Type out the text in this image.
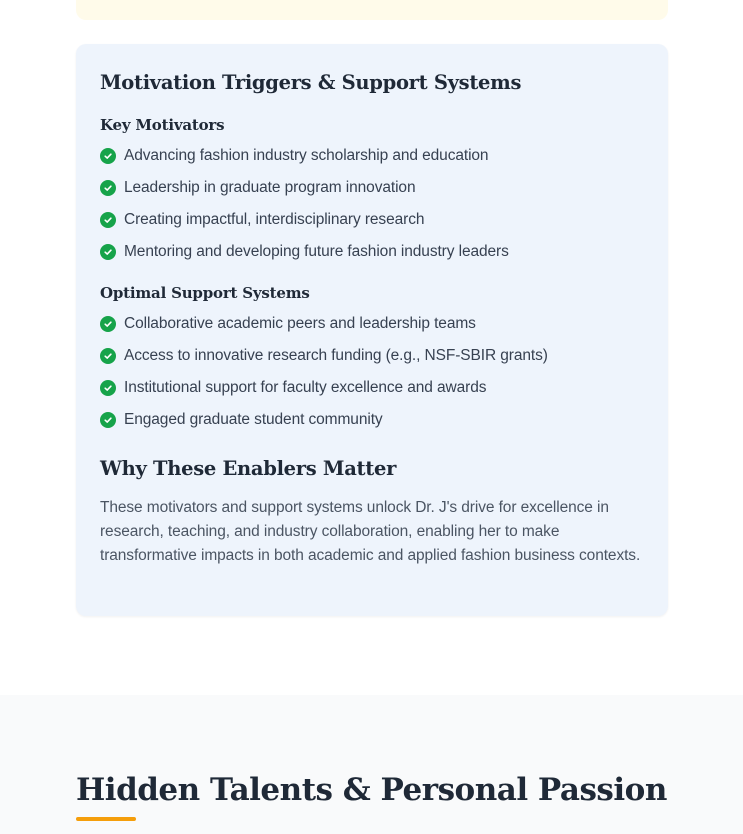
Motivation Triggers & Support Systems
Key Motivators
Advancing fashion industry scholarship and education
Leadership in graduate program innovation
Creating impactful, interdisciplinary research
Mentoring and developing future fashion industry leaders
Optimal Support Systems
Collaborative academic peers and leadership teams
Access to innovative research funding (e.g., NSF-SBIR grants)
Institutional support for faculty excellence and awards
Engaged graduate student community
Why These Enablers Matter

These motivators and support systems unlock Dr. J's drive for excellence in research, teaching, and industry collaboration, enabling her to make transformative impacts in both academic and applied fashion business contexts.

Hidden Talents & Personal Passion
